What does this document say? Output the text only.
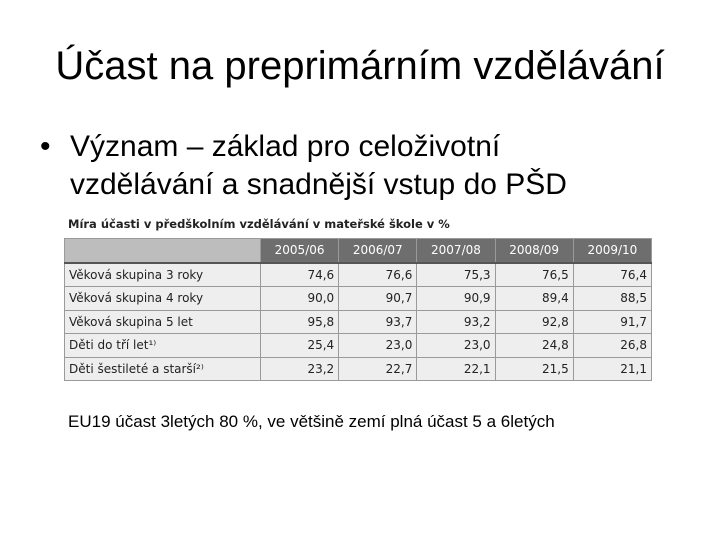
Účast na preprimárním vzdělávání
• Význam – základ pro celoživotní
vzdělávání a snadnější vstup do PŠD
Míra účasti v předškolním vzdělávání v mateřské škole v %
	2005/06	2006/07	2007/08	2008/09	2009/10
Věková skupina 3 roky	74,6	76,6	75,3	76,5	76,4
Věková skupina 4 roky	90,0	90,7	90,9	89,4	88,5
Věková skupina 5 let	95,8	93,7	93,2	92,8	91,7
Děti do tří let¹⁾	25,4	23,0	23,0	24,8	26,8
Děti šestileté a starší²⁾	23,2	22,7	22,1	21,5	21,1
EU19 účast 3letých 80 %, ve většině zemí plná účast 5 a 6letých
